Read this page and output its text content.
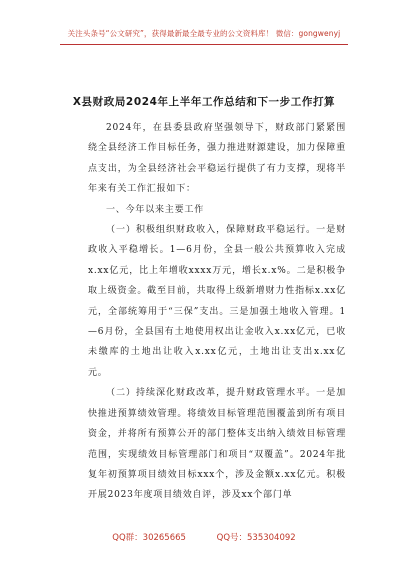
关注头条号“公文研究”，获得最新最全最专业的公文资料库！ 微信：gongwenyj
X县财政局2024年上半年工作总结和下一步工作打算

2024年，在县委县政府坚强领导下，财政部门紧紧围绕全县经济工作目标任务，强力推进财源建设，加力保障重点支出，为全县经济社会平稳运行提供了有力支撑，现将半年来有关工作汇报如下：

一、今年以来主要工作

（一）积极组织财政收入，保障财政平稳运行。一是财政收入平稳增长。1—6月份，全县一般公共预算收入完成x.xx亿元，比上年增收xxxx万元，增长x.x%。二是积极争取上级资金。截至目前，共取得上级新增财力性指标x.xx亿元，全部统筹用于“三保”支出。三是加强土地收入管理。1—6月份，全县国有土地使用权出让金收入x.xx亿元，已收未缴库的土地出让收入x.xx亿元，土地出让支出x.xx亿元。

（二）持续深化财政改革，提升财政管理水平。一是加快推进预算绩效管理。将绩效目标管理范围覆盖到所有项目资金，并将所有预算公开的部门整体支出纳入绩效目标管理范围，实现绩效目标管理部门和项目“双覆盖”。2024年批复年初预算项目绩效目标xxx个，涉及金额x.xx亿元。积极开展2023年度项目绩效自评，涉及xx个部门单

QQ群：30265665	QQ号：535304092
